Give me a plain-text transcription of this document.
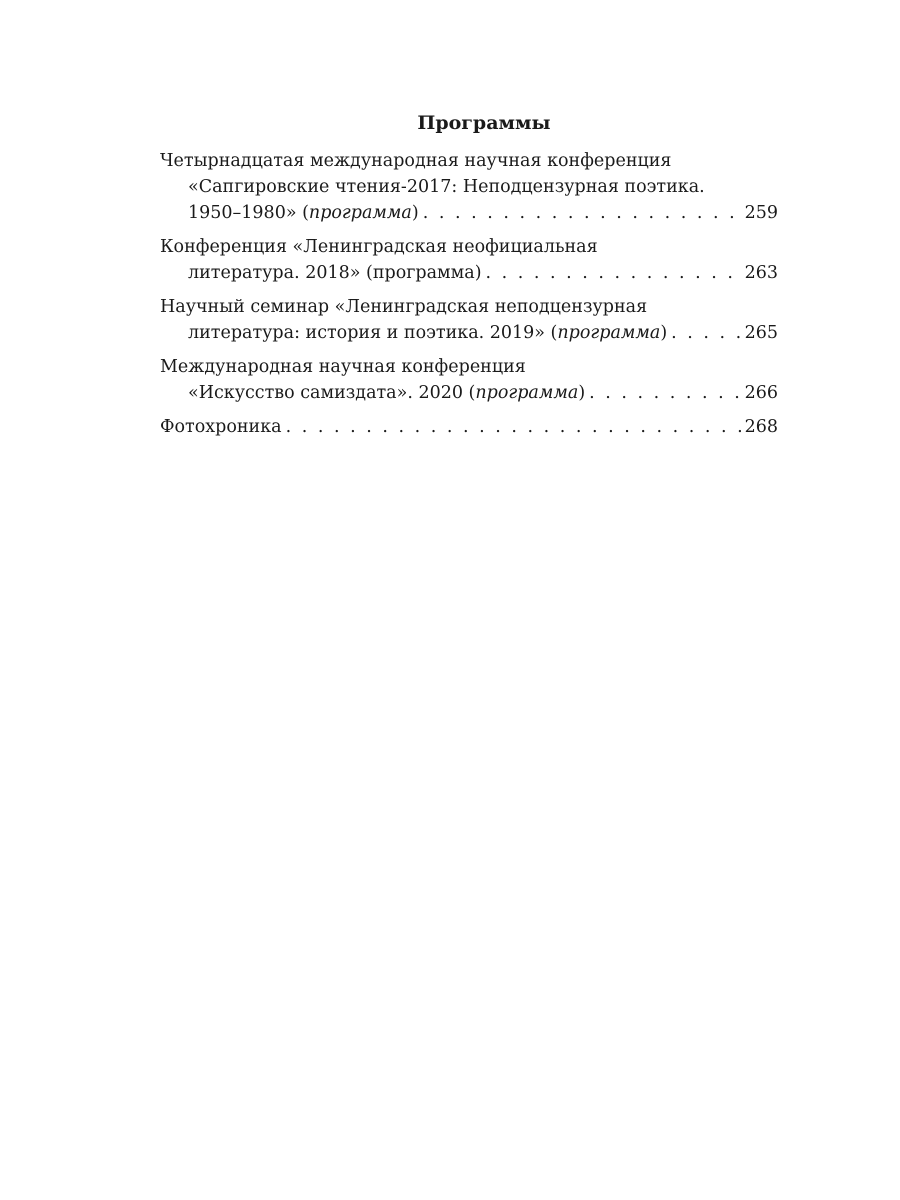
Программы
Четырнадцатая международная научная конференция
«Сапгировские чтения-2017: Неподцензурная поэтика.
1950–1980» (программа) . . .	259
Конференция «Ленинградская неофициальная
литература. 2018» (программа) . . .	263
Научный семинар «Ленинградская неподцензурная
литература: история и поэтика. 2019» (программа) . . .	265
Международная научная конференция
«Искусство самиздата». 2020 (программа) . . .	266
Фотохроника . . .	268
